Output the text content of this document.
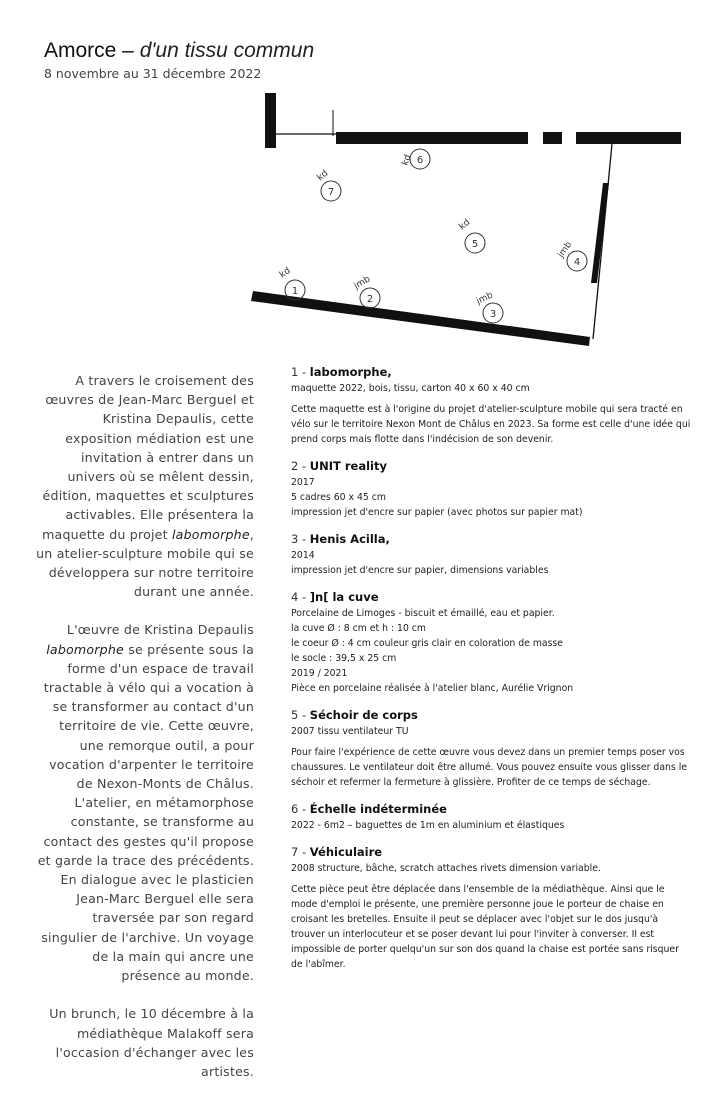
Amorce – d'un tissu commun
8 novembre au 31 décembre 2022
1
kd
2
jmb
3
jmb
4
jmb
5
kd
6
kd
7
kd

A travers le croisement des œuvres de Jean-Marc Berguel et Kristina Depaulis, cette exposition médiation est une invitation à entrer dans un univers où se mêlent dessin, édition, maquettes et sculptures activables. Elle présentera la maquette du projet labomorphe, un atelier-sculpture mobile qui se développera sur notre territoire durant une année.

L'œuvre de Kristina Depaulis labomorphe se présente sous la forme d'un espace de travail tractable à vélo qui a vocation à se transformer au contact d'un territoire de vie. Cette œuvre, une remorque outil, a pour vocation d'arpenter le territoire de Nexon-Monts de Châlus. L'atelier, en métamorphose constante, se transforme au contact des gestes qu'il propose et garde la trace des précédents. En dialogue avec le plasticien Jean-Marc Berguel elle sera traversée par son regard singulier de l'archive. Un voyage de la main qui ancre une présence au monde.

Un brunch, le 10 décembre à la médiathèque Malakoff sera l'occasion d'échanger avec les artistes.

1 - labomorphe,
maquette 2022, bois, tissu, carton 40 x 60 x 40 cm
Cette maquette est à l'origine du projet d'atelier-sculpture mobile qui sera tracté en vélo sur le territoire Nexon Mont de Châlus en 2023. Sa forme est celle d'une idée qui prend corps mais flotte dans l'indécision de son devenir.
2 - UNIT reality
2017
5 cadres 60 x 45 cm
impression jet d'encre sur papier (avec photos sur papier mat)
3 - Henis Acilla,
2014
impression jet d'encre sur papier, dimensions variables
4 - ]n[ la cuve
Porcelaine de Limoges - biscuit et émaillé, eau et papier.
la cuve Ø : 8 cm et h : 10 cm
le coeur Ø : 4 cm couleur gris clair en coloration de masse
le socle : 39,5 x 25 cm
2019 / 2021
Pièce en porcelaine réalisée à l'atelier blanc, Aurélie Vrignon
5 - Séchoir de corps
2007 tissu ventilateur TU
Pour faire l'expérience de cette œuvre vous devez dans un premier temps poser vos chaussures. Le ventilateur doit être allumé. Vous pouvez ensuite vous glisser dans le séchoir et refermer la fermeture à glissière. Profiter de ce temps de séchage.
6 - Échelle indéterminée
2022 - 6m2 – baguettes de 1m en aluminium et élastiques
7 - Véhiculaire
2008 structure, bâche, scratch attaches rivets dimension variable.
Cette pièce peut être déplacée dans l'ensemble de la médiathèque. Ainsi que le mode d'emploi le présente, une première personne joue le porteur de chaise en croisant les bretelles. Ensuite il peut se déplacer avec l'objet sur le dos jusqu'à trouver un interlocuteur et se poser devant lui pour l'inviter à converser. Il est impossible de porter quelqu'un sur son dos quand la chaise est portée sans risquer de l'abîmer.
